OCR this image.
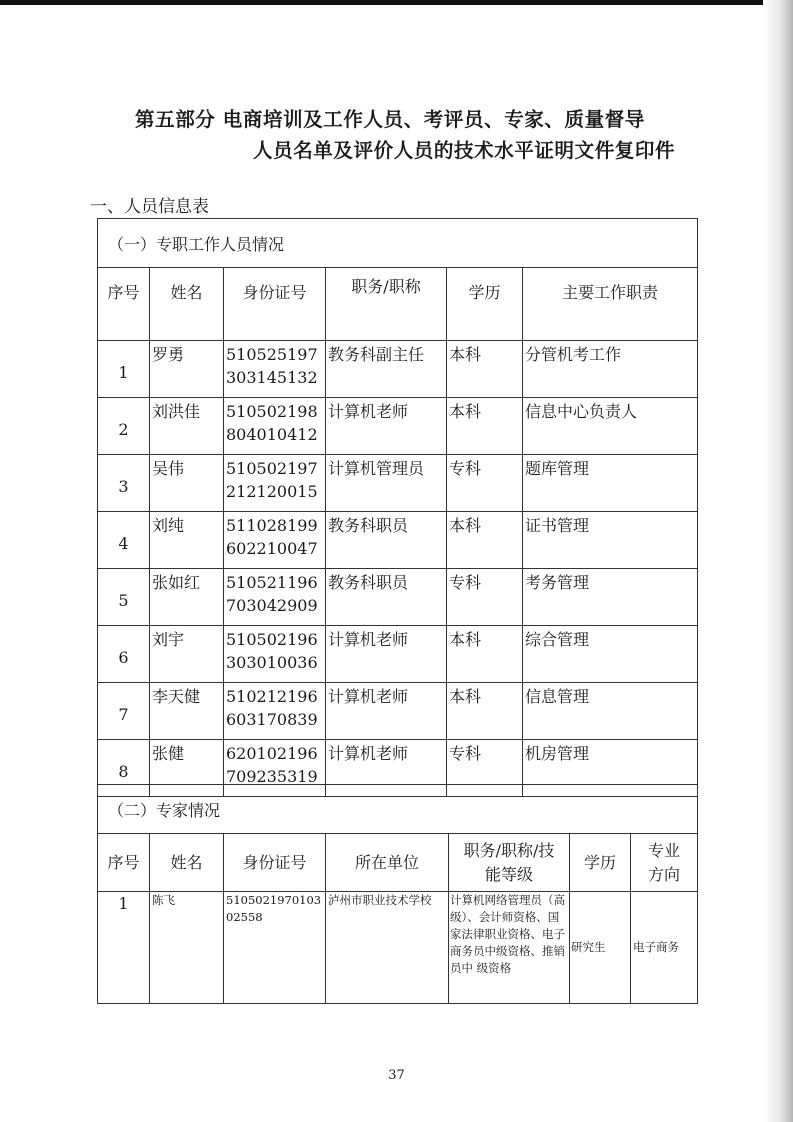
第五部分 电商培训及工作人员、考评员、专家、质量督导
人员名单及评价人员的技术水平证明文件复印件
一、人员信息表
（一）专职工作人员情况					
序号	姓名	身份证号	职务/职称	学历	主要工作职责
1	罗勇	510525197303145132	教务科副主任	本科	分管机考工作
2	刘洪佳	510502198804010412	计算机老师	本科	信息中心负责人
3	吴伟	510502197212120015	计算机管理员	专科	题库管理
4	刘纯	511028199602210047	教务科职员	本科	证书管理
5	张如红	510521196703042909	教务科职员	专科	考务管理
6	刘宇	510502196303010036	计算机老师	本科	综合管理
7	李天健	510212196603170839	计算机老师	本科	信息管理
8	张健	620102196709235319	计算机老师	专科	机房管理
（二）专家情况						
序号	姓名	身份证号	所在单位	职务/职称/技能等级	学历	专业方向
1	陈飞	510502197010302558	泸州市职业技术学校	计算机网络管理员（高级）、会计师资格、国家法律职业资格、电子商务员中级资格、推销员中 级资格	研究生	电子商务
37
